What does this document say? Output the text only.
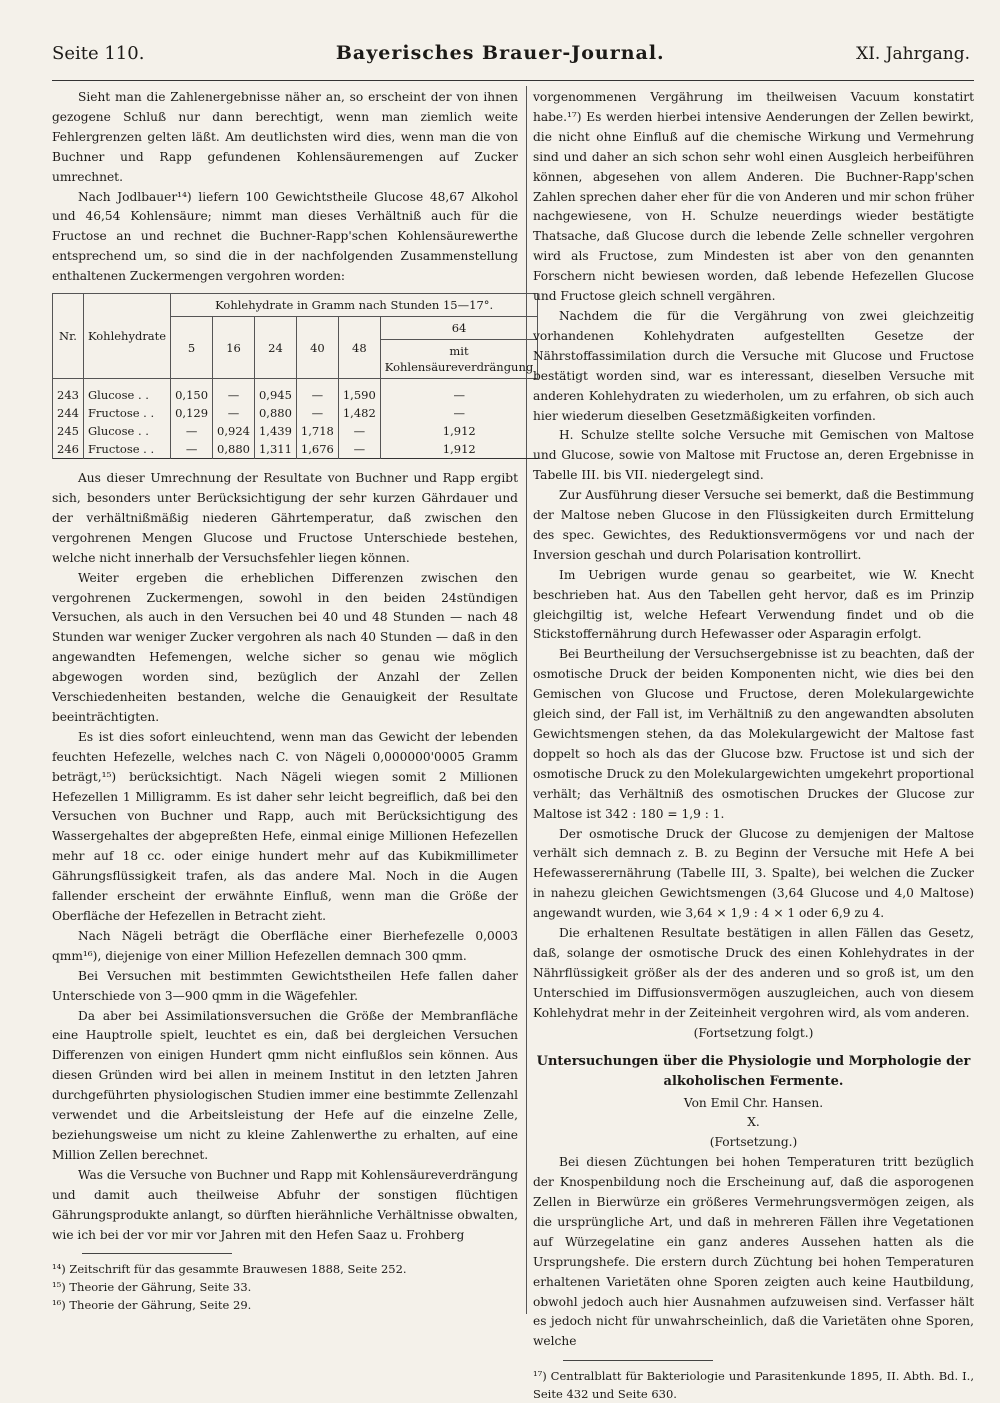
Seite 110.	Bayerisches Brauer-Journal.	XI. Jahrgang.

Sieht man die Zahlenergebnisse näher an, so erscheint der von ihnen gezogene Schluß nur dann berechtigt, wenn man ziemlich weite Fehlergrenzen gelten läßt. Am deutlichsten wird dies, wenn man die von Buchner und Rapp gefundenen Kohlensäuremengen auf Zucker umrechnet.

Nach Jodlbauer¹⁴) liefern 100 Gewichtstheile Glucose 48,67 Alkohol und 46,54 Kohlensäure; nimmt man dieses Verhältniß auch für die Fructose an und rechnet die Buchner-Rapp'schen Kohlensäurewerthe entsprechend um, so sind die in der nachfolgenden Zusammenstellung enthaltenen Zuckermengen vergohren worden:

Nr.	Kohlehydrate	Kohlehydrate in Gramm nach Stunden 15—17°.					
		5	16	24	40	48	64
							mit Kohlensäureverdrängung
243	Glucose . .	0,150	—	0,945	—	1,590	—
244	Fructose . .	0,129	—	0,880	—	1,482	—
245	Glucose . .	—	0,924	1,439	1,718	—	1,912
246	Fructose . .	—	0,880	1,311	1,676	—	1,912

Aus dieser Umrechnung der Resultate von Buchner und Rapp ergibt sich, besonders unter Berücksichtigung der sehr kurzen Gährdauer und der verhältnißmäßig niederen Gährtemperatur, daß zwischen den vergohrenen Mengen Glucose und Fructose Unterschiede bestehen, welche nicht innerhalb der Versuchsfehler liegen können.

Weiter ergeben die erheblichen Differenzen zwischen den vergohrenen Zuckermengen, sowohl in den beiden 24stündigen Versuchen, als auch in den Versuchen bei 40 und 48 Stunden — nach 48 Stunden war weniger Zucker vergohren als nach 40 Stunden — daß in den angewandten Hefemengen, welche sicher so genau wie möglich abgewogen worden sind, bezüglich der Anzahl der Zellen Verschiedenheiten bestanden, welche die Genauigkeit der Resultate beeinträchtigten.

Es ist dies sofort einleuchtend, wenn man das Gewicht der lebenden feuchten Hefezelle, welches nach C. von Nägeli 0,000000'0005 Gramm beträgt,¹⁵) berücksichtigt. Nach Nägeli wiegen somit 2 Millionen Hefezellen 1 Milligramm. Es ist daher sehr leicht begreiflich, daß bei den Versuchen von Buchner und Rapp, auch mit Berücksichtigung des Wassergehaltes der abgepreßten Hefe, einmal einige Millionen Hefezellen mehr auf 18 cc. oder einige hundert mehr auf das Kubikmillimeter Gährungsflüssigkeit trafen, als das andere Mal. Noch in die Augen fallender erscheint der erwähnte Einfluß, wenn man die Größe der Oberfläche der Hefezellen in Betracht zieht.

Nach Nägeli beträgt die Oberfläche einer Bierhefezelle 0,0003 qmm¹⁶), diejenige von einer Million Hefezellen demnach 300 qmm.

Bei Versuchen mit bestimmten Gewichtstheilen Hefe fallen daher Unterschiede von 3—900 qmm in die Wägefehler.

Da aber bei Assimilationsversuchen die Größe der Membranfläche eine Hauptrolle spielt, leuchtet es ein, daß bei dergleichen Versuchen Differenzen von einigen Hundert qmm nicht einflußlos sein können. Aus diesen Gründen wird bei allen in meinem Institut in den letzten Jahren durchgeführten physiologischen Studien immer eine bestimmte Zellenzahl verwendet und die Arbeitsleistung der Hefe auf die einzelne Zelle, beziehungsweise um nicht zu kleine Zahlenwerthe zu erhalten, auf eine Million Zellen berechnet.

Was die Versuche von Buchner und Rapp mit Kohlensäureverdrängung und damit auch theilweise Abfuhr der sonstigen flüchtigen Gährungsprodukte anlangt, so dürften hierähnliche Verhältnisse obwalten, wie ich bei der vor mir vor Jahren mit den Hefen Saaz u. Frohberg

¹⁴) Zeitschrift für das gesammte Brauwesen 1888, Seite 252.

¹⁵) Theorie der Gährung, Seite 33.

¹⁶) Theorie der Gährung, Seite 29.

vorgenommenen Vergährung im theilweisen Vacuum konstatirt habe.¹⁷) Es werden hierbei intensive Aenderungen der Zellen bewirkt, die nicht ohne Einfluß auf die chemische Wirkung und Vermehrung sind und daher an sich schon sehr wohl einen Ausgleich herbeiführen können, abgesehen von allem Anderen. Die Buchner-Rapp'schen Zahlen sprechen daher eher für die von Anderen und mir schon früher nachgewiesene, von H. Schulze neuerdings wieder bestätigte Thatsache, daß Glucose durch die lebende Zelle schneller vergohren wird als Fructose, zum Mindesten ist aber von den genannten Forschern nicht bewiesen worden, daß lebende Hefezellen Glucose und Fructose gleich schnell vergähren.

Nachdem die für die Vergährung von zwei gleichzeitig vorhandenen Kohlehydraten aufgestellten Gesetze der Nährstoffassimilation durch die Versuche mit Glucose und Fructose bestätigt worden sind, war es interessant, dieselben Versuche mit anderen Kohlehydraten zu wiederholen, um zu erfahren, ob sich auch hier wiederum dieselben Gesetzmäßigkeiten vorfinden.

H. Schulze stellte solche Versuche mit Gemischen von Maltose und Glucose, sowie von Maltose mit Fructose an, deren Ergebnisse in Tabelle III. bis VII. niedergelegt sind.

Zur Ausführung dieser Versuche sei bemerkt, daß die Bestimmung der Maltose neben Glucose in den Flüssigkeiten durch Ermittelung des spec. Gewichtes, des Reduktionsvermögens vor und nach der Inversion geschah und durch Polarisation kontrollirt.

Im Uebrigen wurde genau so gearbeitet, wie W. Knecht beschrieben hat. Aus den Tabellen geht hervor, daß es im Prinzip gleichgiltig ist, welche Hefeart Verwendung findet und ob die Stickstoffernährung durch Hefewasser oder Asparagin erfolgt.

Bei Beurtheilung der Versuchsergebnisse ist zu beachten, daß der osmotische Druck der beiden Komponenten nicht, wie dies bei den Gemischen von Glucose und Fructose, deren Molekulargewichte gleich sind, der Fall ist, im Verhältniß zu den angewandten absoluten Gewichtsmengen stehen, da das Molekulargewicht der Maltose fast doppelt so hoch als das der Glucose bzw. Fructose ist und sich der osmotische Druck zu den Molekulargewichten umgekehrt proportional verhält; das Verhältniß des osmotischen Druckes der Glucose zur Maltose ist 342 : 180 = 1,9 : 1.

Der osmotische Druck der Glucose zu demjenigen der Maltose verhält sich demnach z. B. zu Beginn der Versuche mit Hefe A bei Hefewasserernährung (Tabelle III, 3. Spalte), bei welchen die Zucker in nahezu gleichen Gewichtsmengen (3,64 Glucose und 4,0 Maltose) angewandt wurden, wie 3,64 × 1,9 : 4 × 1 oder 6,9 zu 4.

Die erhaltenen Resultate bestätigen in allen Fällen das Gesetz, daß, solange der osmotische Druck des einen Kohlehydrates in der Nährflüssigkeit größer als der des anderen und so groß ist, um den Unterschied im Diffusionsvermögen auszugleichen, auch von diesem Kohlehydrat mehr in der Zeiteinheit vergohren wird, als vom anderen.

(Fortsetzung folgt.)

Untersuchungen über die Physiologie und Morphologie der alkoholischen Fermente.

Von Emil Chr. Hansen.

X.

(Fortsetzung.)

Bei diesen Züchtungen bei hohen Temperaturen tritt bezüglich der Knospenbildung noch die Erscheinung auf, daß die asporogenen Zellen in Bierwürze ein größeres Vermehrungsvermögen zeigen, als die ursprüngliche Art, und daß in mehreren Fällen ihre Vegetationen auf Würzegelatine ein ganz anderes Aussehen hatten als die Ursprungshefe. Die erstern durch Züchtung bei hohen Temperaturen erhaltenen Varietäten ohne Sporen zeigten auch keine Hautbildung, obwohl jedoch auch hier Ausnahmen aufzuweisen sind. Verfasser hält es jedoch nicht für unwahrscheinlich, daß die Varietäten ohne Sporen, welche

¹⁷) Centralblatt für Bakteriologie und Parasitenkunde 1895, II. Abth. Bd. I., Seite 432 und Seite 630.
